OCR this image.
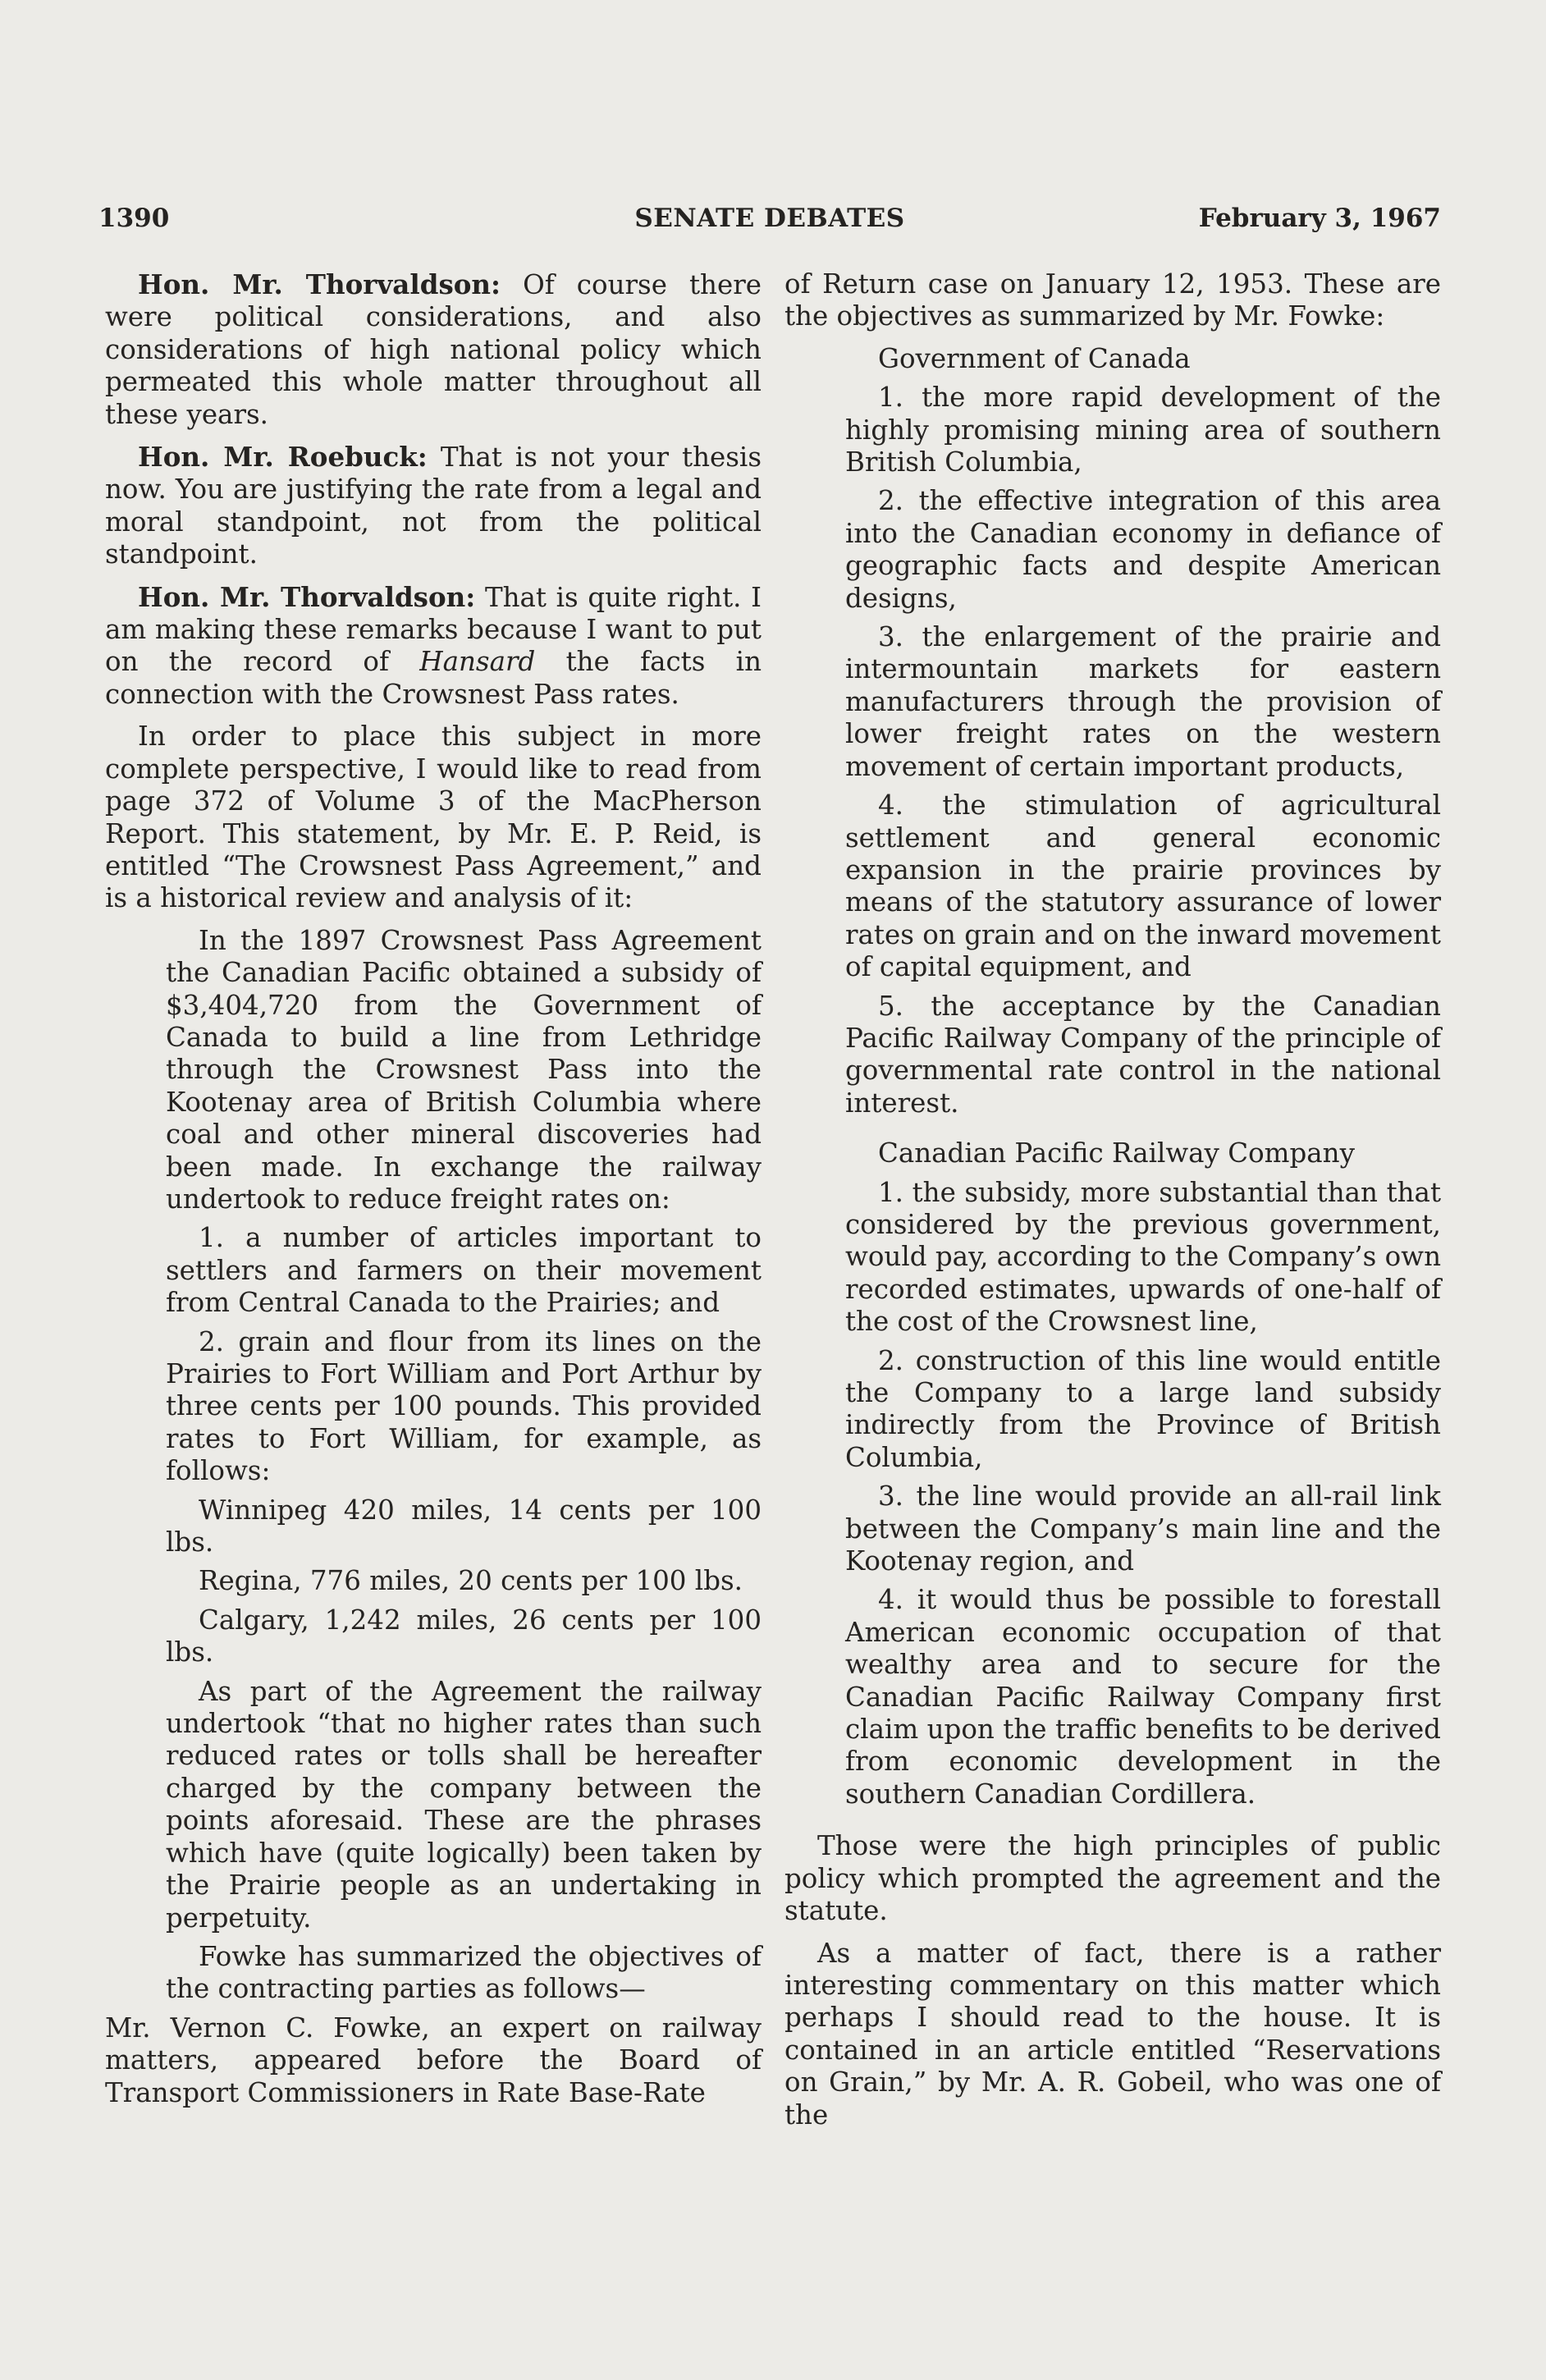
SENATE DEBATES
1390	February 3, 1967

Hon. Mr. Thorvaldson: Of course there were political considerations, and also considerations of high national policy which permeated this whole matter throughout all these years.

Hon. Mr. Roebuck: That is not your thesis now. You are justifying the rate from a legal and moral standpoint, not from the political standpoint.

Hon. Mr. Thorvaldson: That is quite right. I am making these remarks because I want to put on the record of Hansard the facts in connection with the Crowsnest Pass rates.

In order to place this subject in more complete perspective, I would like to read from page 372 of Volume 3 of the MacPherson Report. This statement, by Mr. E. P. Reid, is entitled “The Crowsnest Pass Agreement,” and is a historical review and analysis of it:

In the 1897 Crowsnest Pass Agreement the Canadian Pacific obtained a subsidy of $3,404,720 from the Government of Canada to build a line from Lethridge through the Crowsnest Pass into the Kootenay area of British Columbia where coal and other mineral discoveries had been made. In exchange the railway undertook to reduce freight rates on:

1. a number of articles important to settlers and farmers on their movement from Central Canada to the Prairies; and

2. grain and flour from its lines on the Prairies to Fort William and Port Arthur by three cents per 100 pounds. This provided rates to Fort William, for example, as follows:

Winnipeg 420 miles, 14 cents per 100 lbs.

Regina, 776 miles, 20 cents per 100 lbs.

Calgary, 1,242 miles, 26 cents per 100 lbs.

As part of the Agreement the railway undertook “that no higher rates than such reduced rates or tolls shall be hereafter charged by the company between the points aforesaid. These are the phrases which have (quite logically) been taken by the Prairie people as an undertaking in perpetuity.

Fowke has summarized the objectives of the contracting parties as follows—

Mr. Vernon C. Fowke, an expert on railway matters, appeared before the Board of Transport Commissioners in Rate Base-Rate

of Return case on January 12, 1953. These are the objectives as summarized by Mr. Fowke:

Government of Canada

1. the more rapid development of the highly promising mining area of southern British Columbia,

2. the effective integration of this area into the Canadian economy in defiance of geographic facts and despite American designs,

3. the enlargement of the prairie and intermountain markets for eastern manufacturers through the provision of lower freight rates on the western movement of certain important products,

4. the stimulation of agricultural settlement and general economic expansion in the prairie provinces by means of the statutory assurance of lower rates on grain and on the inward movement of capital equipment, and

5. the acceptance by the Canadian Pacific Railway Company of the principle of governmental rate control in the national interest.

Canadian Pacific Railway Company

1. the subsidy, more substantial than that considered by the previous government, would pay, according to the Company’s own recorded estimates, upwards of one-half of the cost of the Crowsnest line,

2. construction of this line would entitle the Company to a large land subsidy indirectly from the Province of British Columbia,

3. the line would provide an all-rail link between the Company’s main line and the Kootenay region, and

4. it would thus be possible to forestall American economic occupation of that wealthy area and to secure for the Canadian Pacific Railway Company first claim upon the traffic benefits to be derived from economic development in the southern Canadian Cordillera.

Those were the high principles of public policy which prompted the agreement and the statute.

As a matter of fact, there is a rather interesting commentary on this matter which perhaps I should read to the house. It is contained in an article entitled “Reservations on Grain,” by Mr. A. R. Gobeil, who was one of the
